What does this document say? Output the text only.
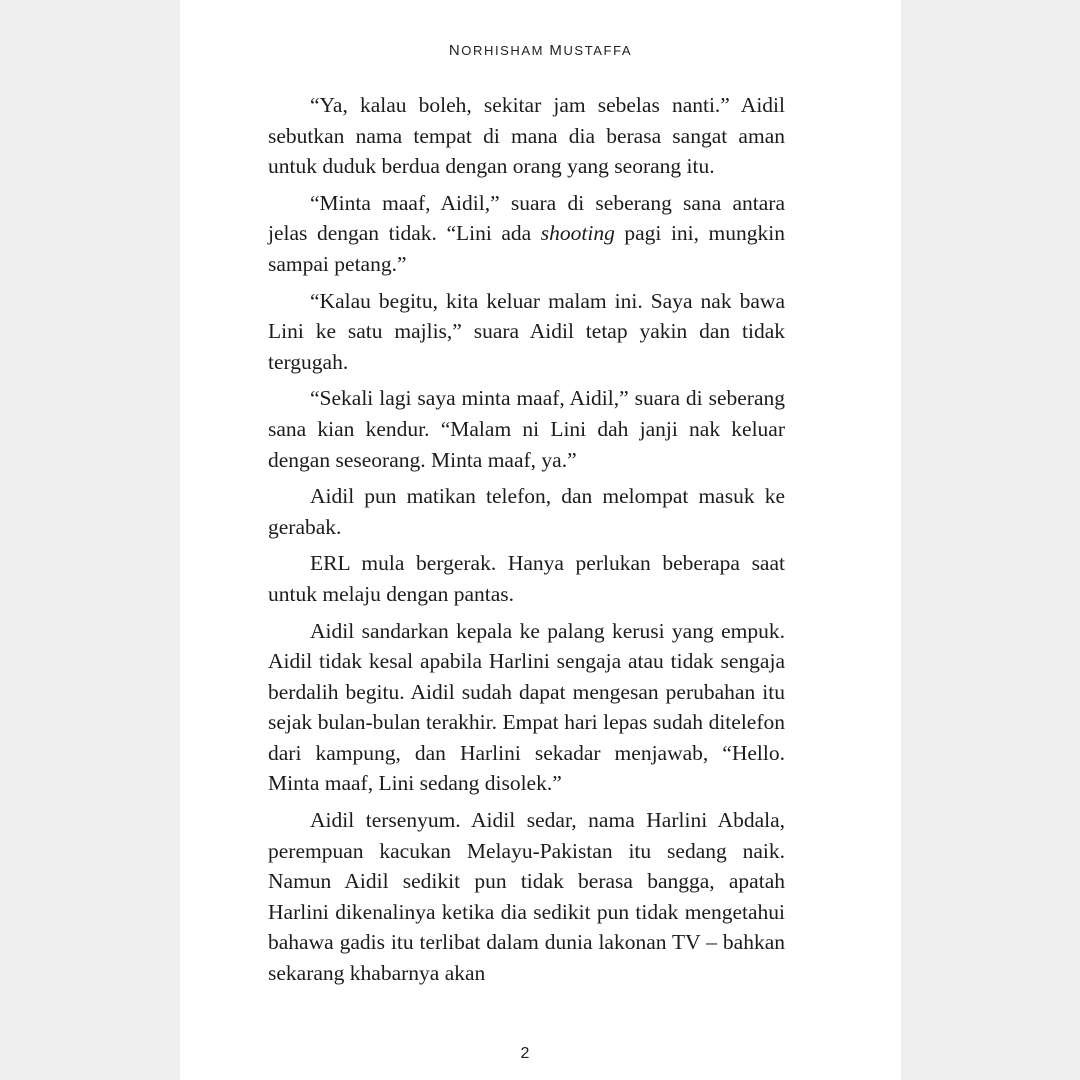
NORHISHAM MUSTAFFA

“Ya, kalau boleh, sekitar jam sebelas nanti.” Aidil sebutkan nama tempat di mana dia berasa sangat aman untuk duduk berdua dengan orang yang seorang itu.

“Minta maaf, Aidil,” suara di seberang sana antara jelas dengan tidak. “Lini ada shooting pagi ini, mungkin sampai petang.”

“Kalau begitu, kita keluar malam ini. Saya nak bawa Lini ke satu majlis,” suara Aidil tetap yakin dan tidak tergugah.

“Sekali lagi saya minta maaf, Aidil,” suara di seberang sana kian kendur. “Malam ni Lini dah janji nak keluar dengan seseorang. Minta maaf, ya.”

Aidil pun matikan telefon, dan melompat masuk ke gerabak.

ERL mula bergerak. Hanya perlukan beberapa saat untuk melaju dengan pantas.

Aidil sandarkan kepala ke palang kerusi yang empuk. Aidil tidak kesal apabila Harlini sengaja atau tidak sengaja berdalih begitu. Aidil sudah dapat mengesan perubahan itu sejak bulan-bulan terakhir. Empat hari lepas sudah ditelefon dari kampung, dan Harlini sekadar menjawab, “Hello. Minta maaf, Lini sedang disolek.”

Aidil tersenyum. Aidil sedar, nama Harlini Abdala, perempuan kacukan Melayu-Pakistan itu sedang naik. Namun Aidil sedikit pun tidak berasa bangga, apatah Harlini dikenalinya ketika dia sedikit pun tidak mengetahui bahawa gadis itu terlibat dalam dunia lakonan TV – bahkan sekarang khabarnya akan

2
